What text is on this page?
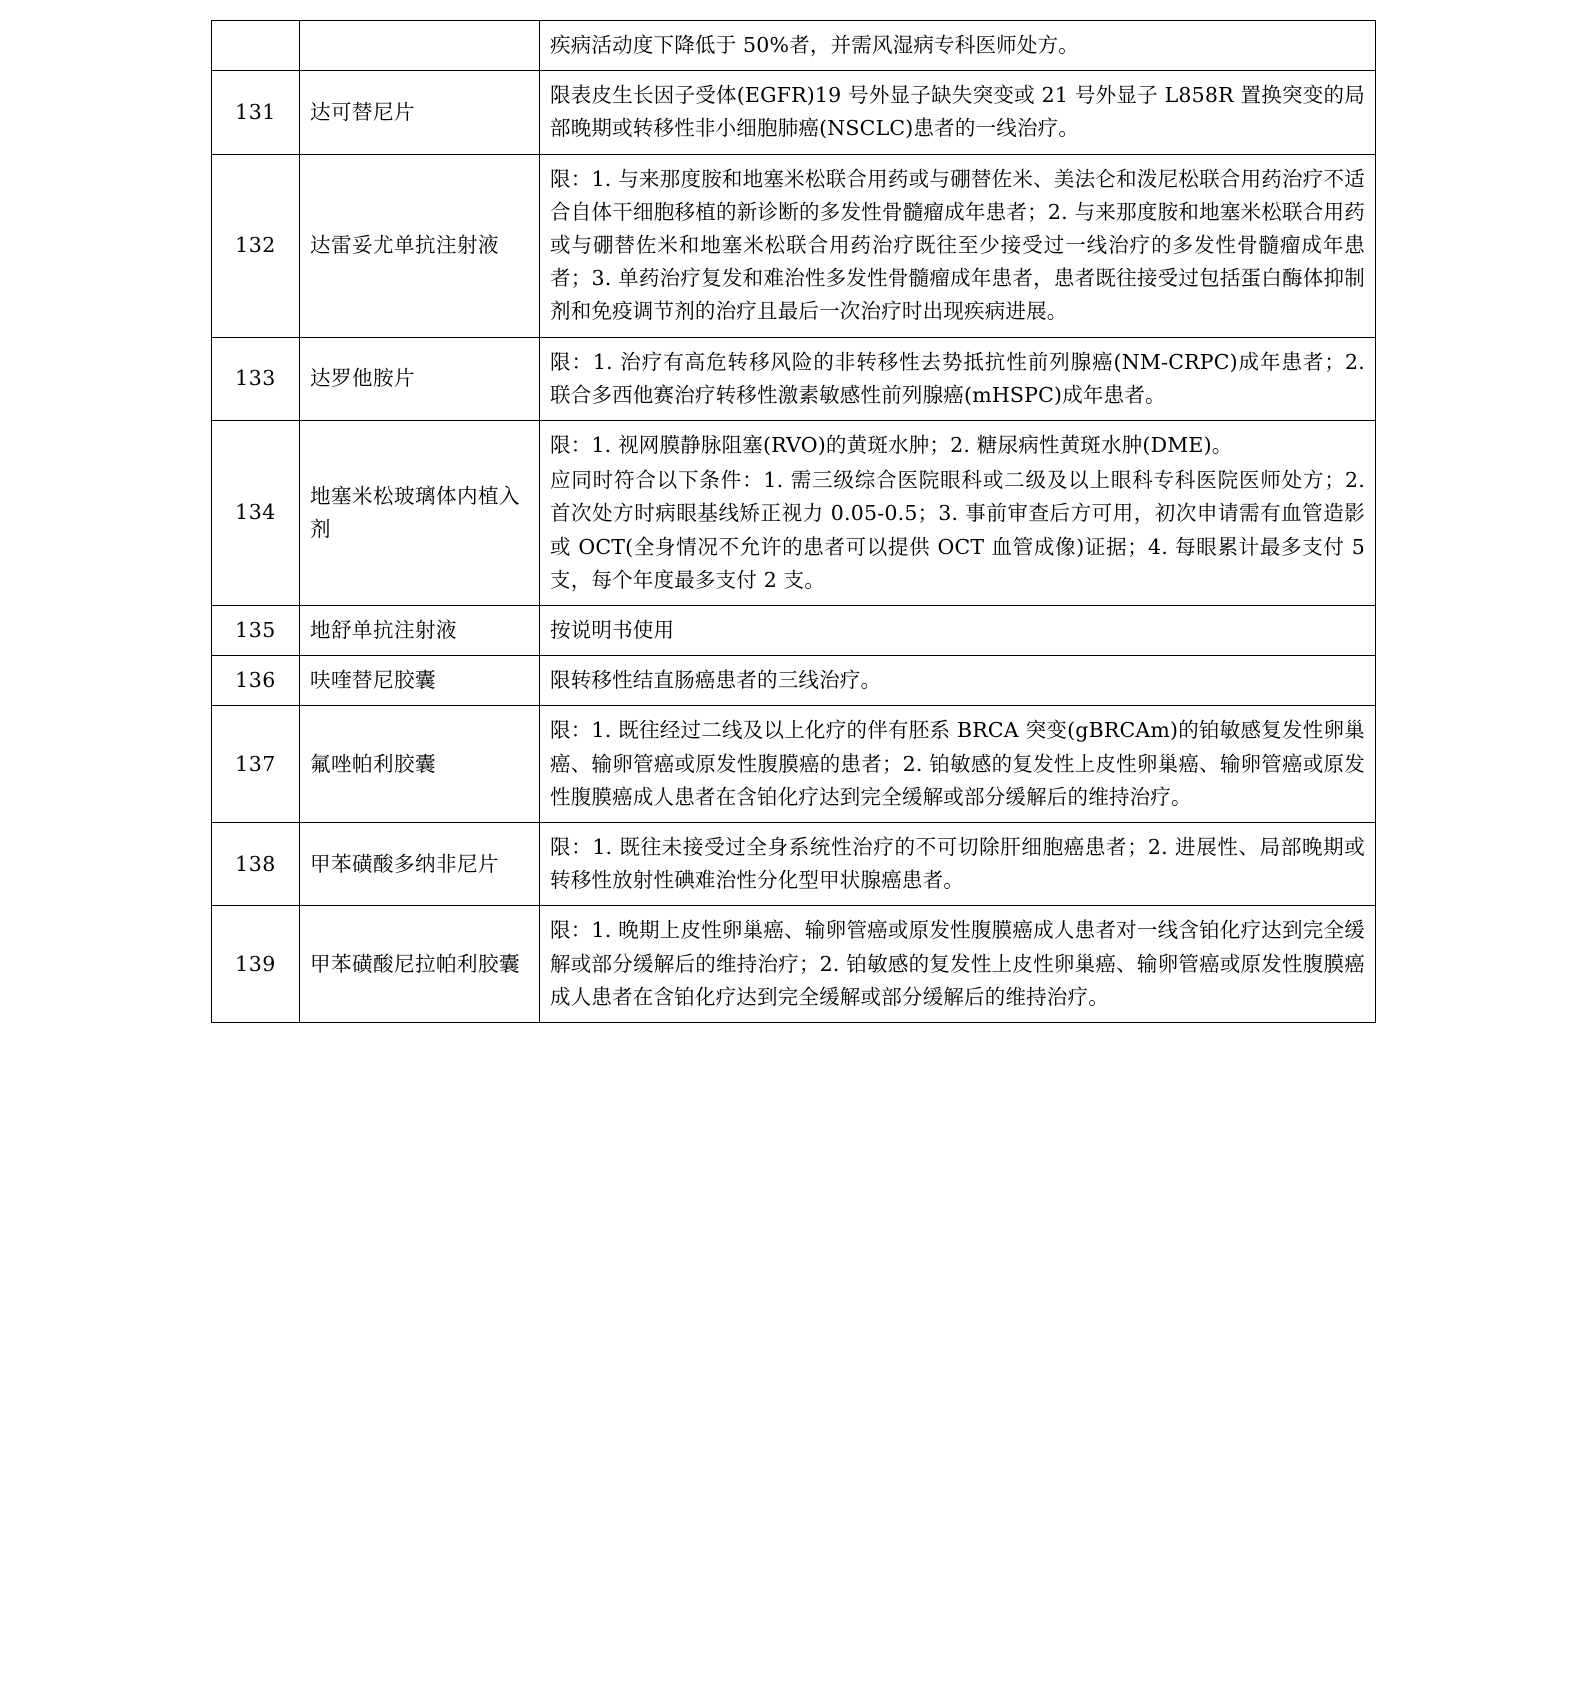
		疾病活动度下降低于 50%者，并需风湿病专科医师处方。

131	达可替尼片	限表皮生长因子受体(EGFR)19 号外显子缺失突变或 21 号外显子 L858R 置换突变的局部晚期或转移性非小细胞肺癌(NSCLC)患者的一线治疗。

132	达雷妥尤单抗注射液	限：1. 与来那度胺和地塞米松联合用药或与硼替佐米、美法仑和泼尼松联合用药治疗不适合自体干细胞移植的新诊断的多发性骨髓瘤成年患者；2. 与来那度胺和地塞米松联合用药或与硼替佐米和地塞米松联合用药治疗既往至少接受过一线治疗的多发性骨髓瘤成年患者；3. 单药治疗复发和难治性多发性骨髓瘤成年患者，患者既往接受过包括蛋白酶体抑制剂和免疫调节剂的治疗且最后一次治疗时出现疾病进展。

133	达罗他胺片	限：1. 治疗有高危转移风险的非转移性去势抵抗性前列腺癌(NM-CRPC)成年患者；2. 联合多西他赛治疗转移性激素敏感性前列腺癌(mHSPC)成年患者。

134	地塞米松玻璃体内植入剂	限：1. 视网膜静脉阻塞(RVO)的黄斑水肿；2. 糖尿病性黄斑水肿(DME)。

应同时符合以下条件：1. 需三级综合医院眼科或二级及以上眼科专科医院医师处方；2. 首次处方时病眼基线矫正视力 0.05-0.5；3. 事前审查后方可用，初次申请需有血管造影或 OCT(全身情况不允许的患者可以提供 OCT 血管成像)证据；4. 每眼累计最多支付 5 支，每个年度最多支付 2 支。

135	地舒单抗注射液	按说明书使用

136	呋喹替尼胶囊	限转移性结直肠癌患者的三线治疗。

137	氟唑帕利胶囊	限：1. 既往经过二线及以上化疗的伴有胚系 BRCA 突变(gBRCAm)的铂敏感复发性卵巢癌、输卵管癌或原发性腹膜癌的患者；2. 铂敏感的复发性上皮性卵巢癌、输卵管癌或原发性腹膜癌成人患者在含铂化疗达到完全缓解或部分缓解后的维持治疗。

138	甲苯磺酸多纳非尼片	限：1. 既往未接受过全身系统性治疗的不可切除肝细胞癌患者；2. 进展性、局部晚期或转移性放射性碘难治性分化型甲状腺癌患者。

139	甲苯磺酸尼拉帕利胶囊	限：1. 晚期上皮性卵巢癌、输卵管癌或原发性腹膜癌成人患者对一线含铂化疗达到完全缓解或部分缓解后的维持治疗；2. 铂敏感的复发性上皮性卵巢癌、输卵管癌或原发性腹膜癌成人患者在含铂化疗达到完全缓解或部分缓解后的维持治疗。
